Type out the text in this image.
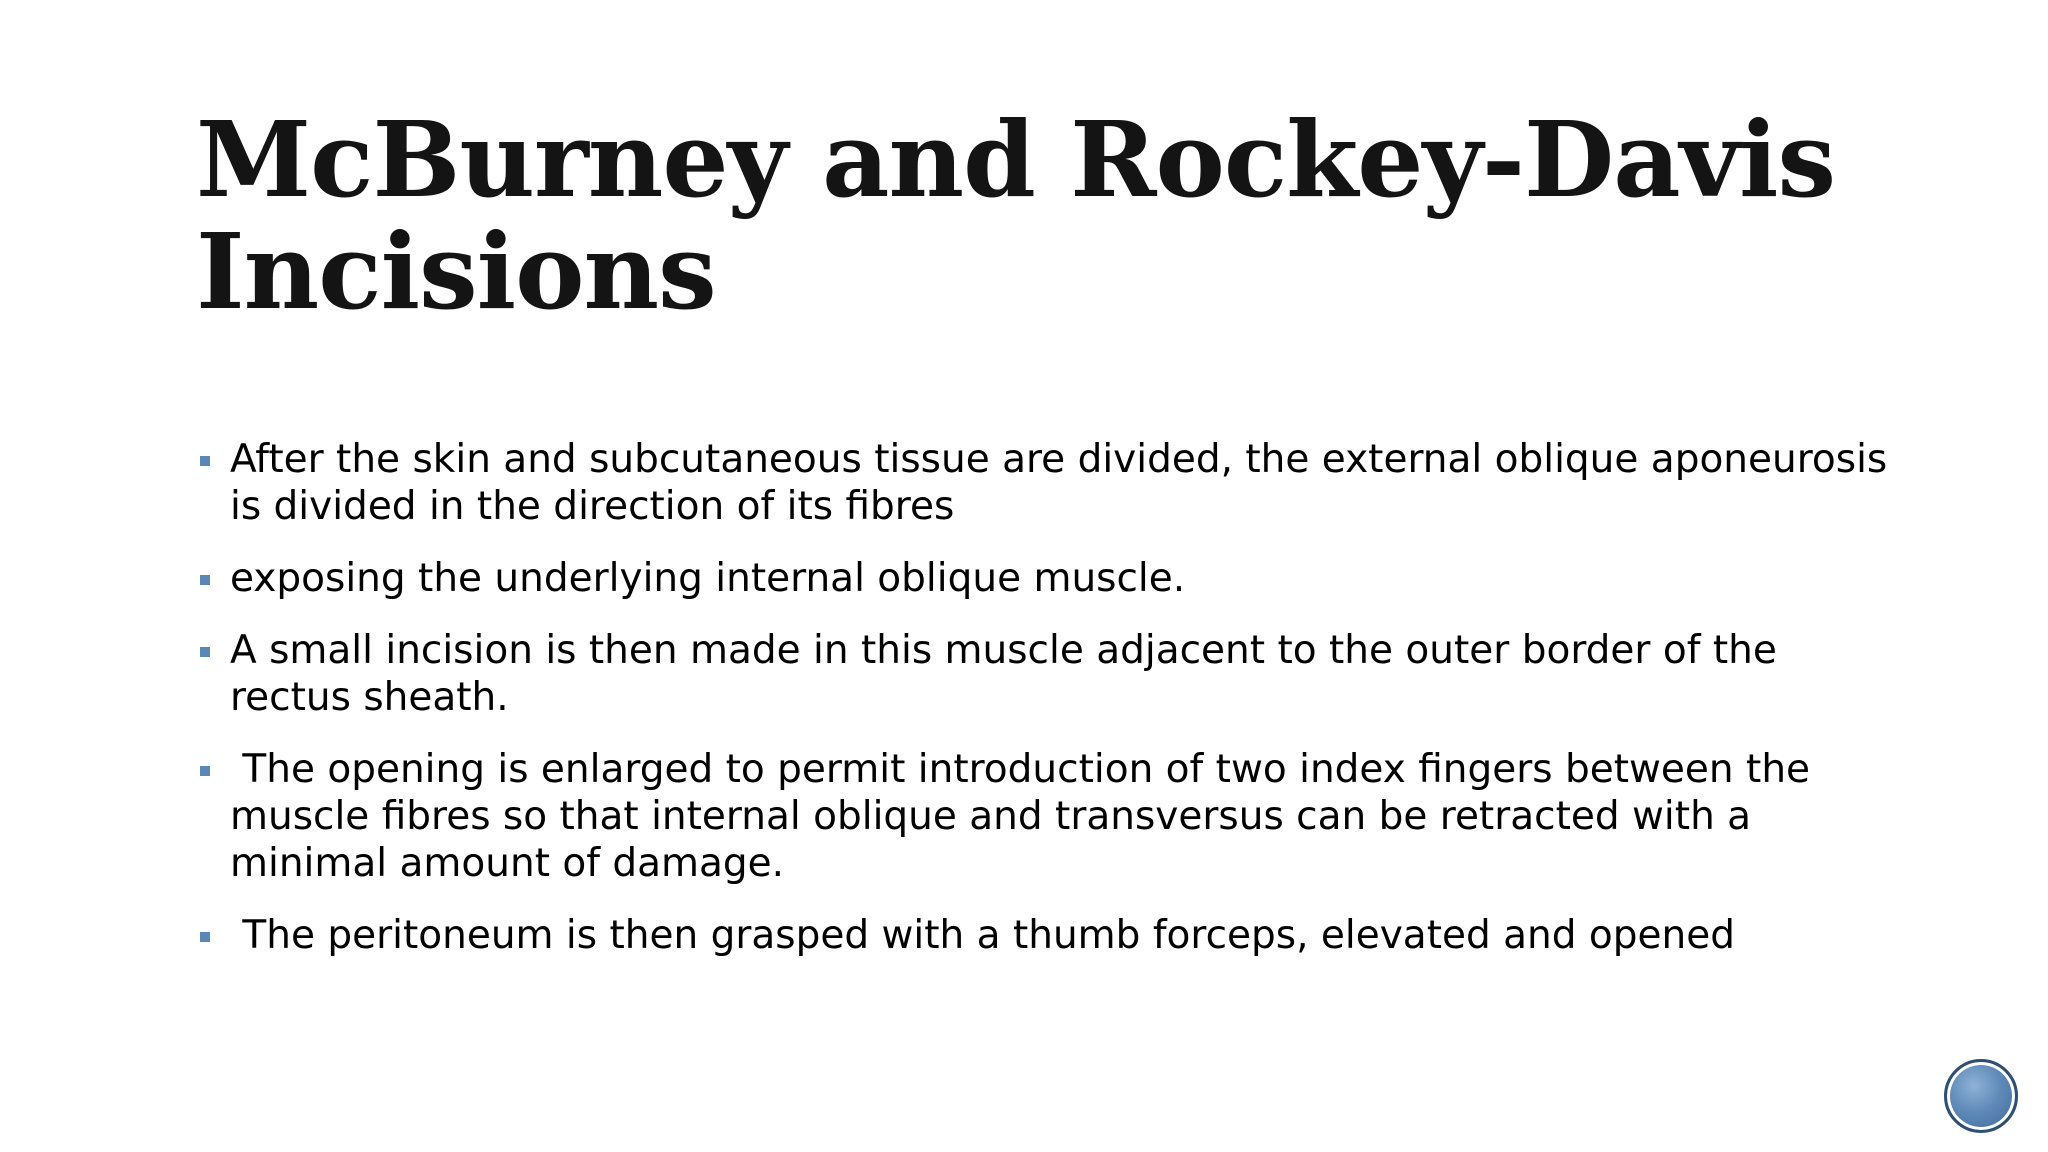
McBurney and Rockey-Davis
Incisions
After the skin and subcutaneous tissue are divided, the external oblique aponeurosis is divided in the direction of its fibres
exposing the underlying internal oblique muscle.
A small incision is then made in this muscle adjacent to the outer border of the rectus sheath.
The opening is enlarged to permit introduction of two index fingers between the muscle fibres so that internal oblique and transversus can be retracted with a minimal amount of damage.
The peritoneum is then grasped with a thumb forceps, elevated and opened
